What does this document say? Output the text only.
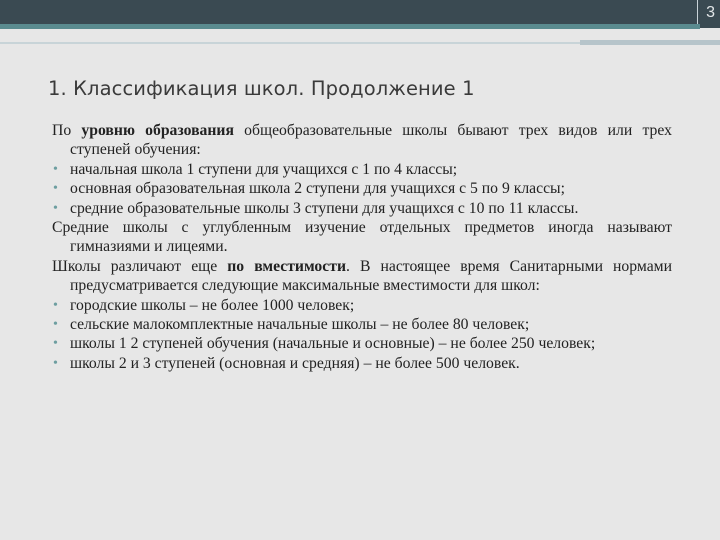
3
1. Классификация школ. Продолжение 1

По уровню образования общеобразовательные школы бывают трех видов или трех ступеней обучения:

• начальная школа 1 ступени для учащихся с 1 по 4 классы;

• основная образовательная школа 2 ступени для учащихся с 5 по 9 классы;

• средние образовательные школы 3 ступени для учащихся с 10 по 11 классы.

Средние школы с углубленным изучение отдельных предметов иногда называют гимназиями и лицеями.

Школы различают еще по вместимости. В настоящее время Санитарными нормами предусматривается следующие максимальные вместимости для школ:

• городские школы – не более 1000 человек;

• сельские малокомплектные начальные школы – не более 80 человек;

• школы 1 2 ступеней обучения (начальные и основные) – не более 250 человек;

• школы 2 и 3 ступеней (основная и средняя) – не более 500 человек.
